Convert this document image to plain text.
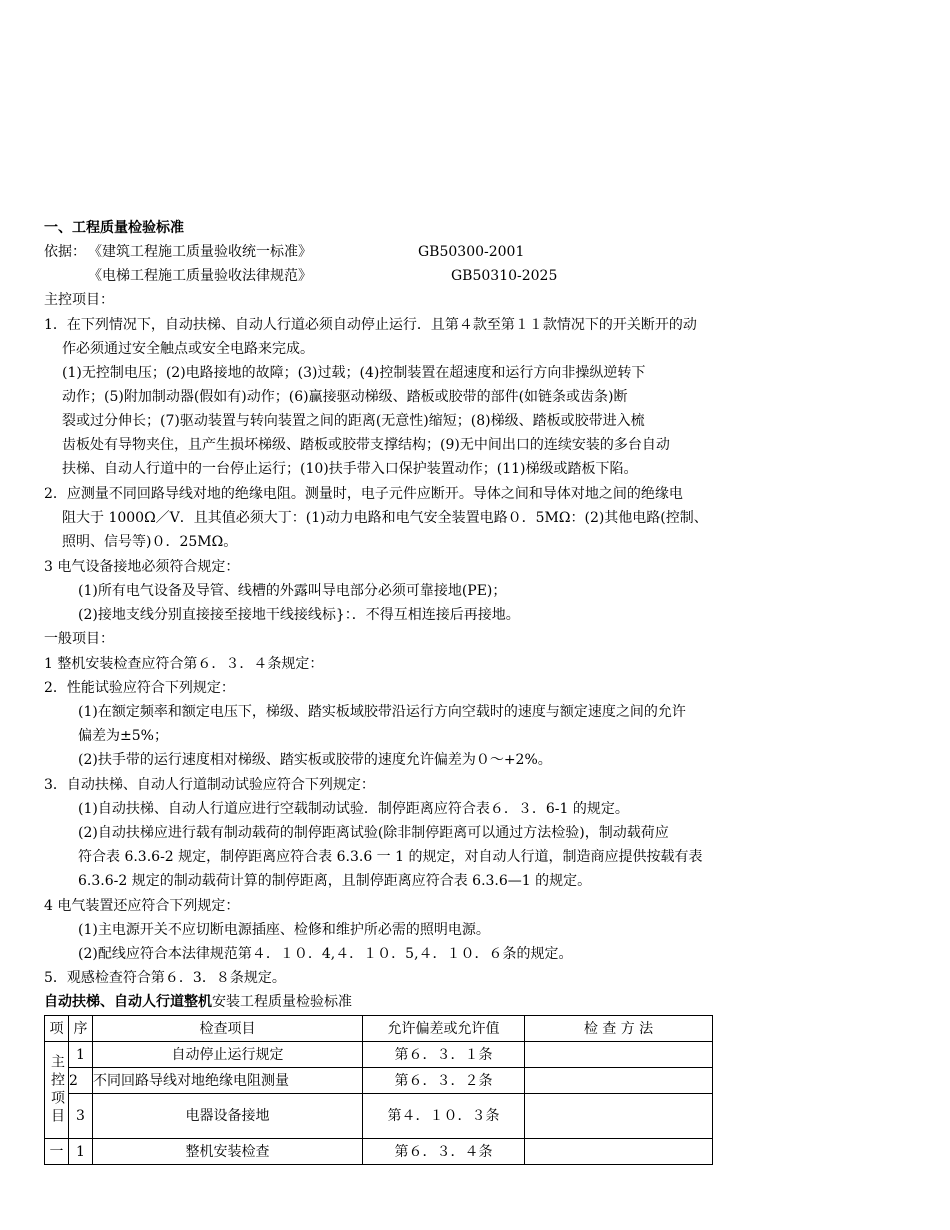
一、工程质量检验标准
依据： 《建筑工程施工质量验收统一标准》	GB50300-2001
《电梯工程施工质量验收法律规范》	GB50310-2025
主控项目：
1．在下列情况下，自动扶梯、自动人行道必须自动停止运行．且第４款至第１１款情况下的开关断开的动
作必须通过安全触点或安全电路来完成。
(1)无控制电压；(2)电路接地的故障；(3)过载；(4)控制装置在超速度和运行方向非操纵逆转下
动作；(5)附加制动器(假如有)动作；(6)赢接驱动梯级、踏板或胶带的部件(如链条或齿条)断
裂或过分伸长；(7)驱动装置与转向装置之间的距离(无意性)缩短；(8)梯级、踏板或胶带进入梳
齿板处有导物夹住，且产生损坏梯级、踏板或胶带支撑结构；(9)无中间出口的连续安装的多台自动
扶梯、自动人行道中的一台停止运行；(10)扶手带入口保护装置动作；(11)梯级或踏板下陷。
2．应测量不同回路导线对地的绝缘电阻。测量时，电子元件应断开。导体之间和导体对地之间的绝缘电
阻大于 1000Ω／V．且其值必须大丁：(1)动力电路和电气安全装置电路０．5MΩ：(2)其他电路(控制、
照明、信号等)０．25MΩ。
3 电气设备接地必须符合规定：
(1)所有电气设备及导管、线槽的外露叫导电部分必须可靠接地(PE)；
(2)接地支线分别直接接至接地干线接线标}：．不得互相连接后再接地。
一般项目：
1 整机安装检查应符合第６．３．４条规定：
2．性能试验应符合下列规定：
(1)在额定频率和额定电压下，梯级、踏实板域胶带沿运行方向空载时的速度与额定速度之间的允许
偏差为±5%；
(2)扶手带的运行速度相对梯级、踏实板或胶带的速度允许偏差为０～+2%。
3．自动扶梯、自动人行道制动试验应符合下列规定：
(1)自动扶梯、自动人行道应进行空载制动试验．制停距离应符合表６．３．6-1 的规定。
(2)自动扶梯应进行载有制动载荷的制停距离试验(除非制停距离可以通过方法检验)，制动载荷应
符合表 6.3.6-2 规定，制停距离应符合表 6.3.6 一 1 的规定，对自动人行道，制造商应提供按载有表
6.3.6-2 规定的制动载荷计算的制停距离，且制停距离应符合表 6.3.6—1 的规定。
4 电气装置还应符合下列规定：
(1)主电源开关不应切断电源插座、检修和维护所必需的照明电源。
(2)配线应符合本法律规范第４．１０．4,４．１０．5,４．１０．６条的规定。
5．观感检查符合第６．3．８条规定。
自动扶梯、自动人行道整机安装工程质量检验标准
项	序	检查项目	允许偏差或允许值	检 查 方 法
主控项目	1	自动停止运行规定	第６．３．１条	
	2	不同回路导线对地绝缘电阻测量	第６．３．２条	
	3	电器设备接地	第４．１０．３条	
一	1	整机安装检查	第６．３．４条	
